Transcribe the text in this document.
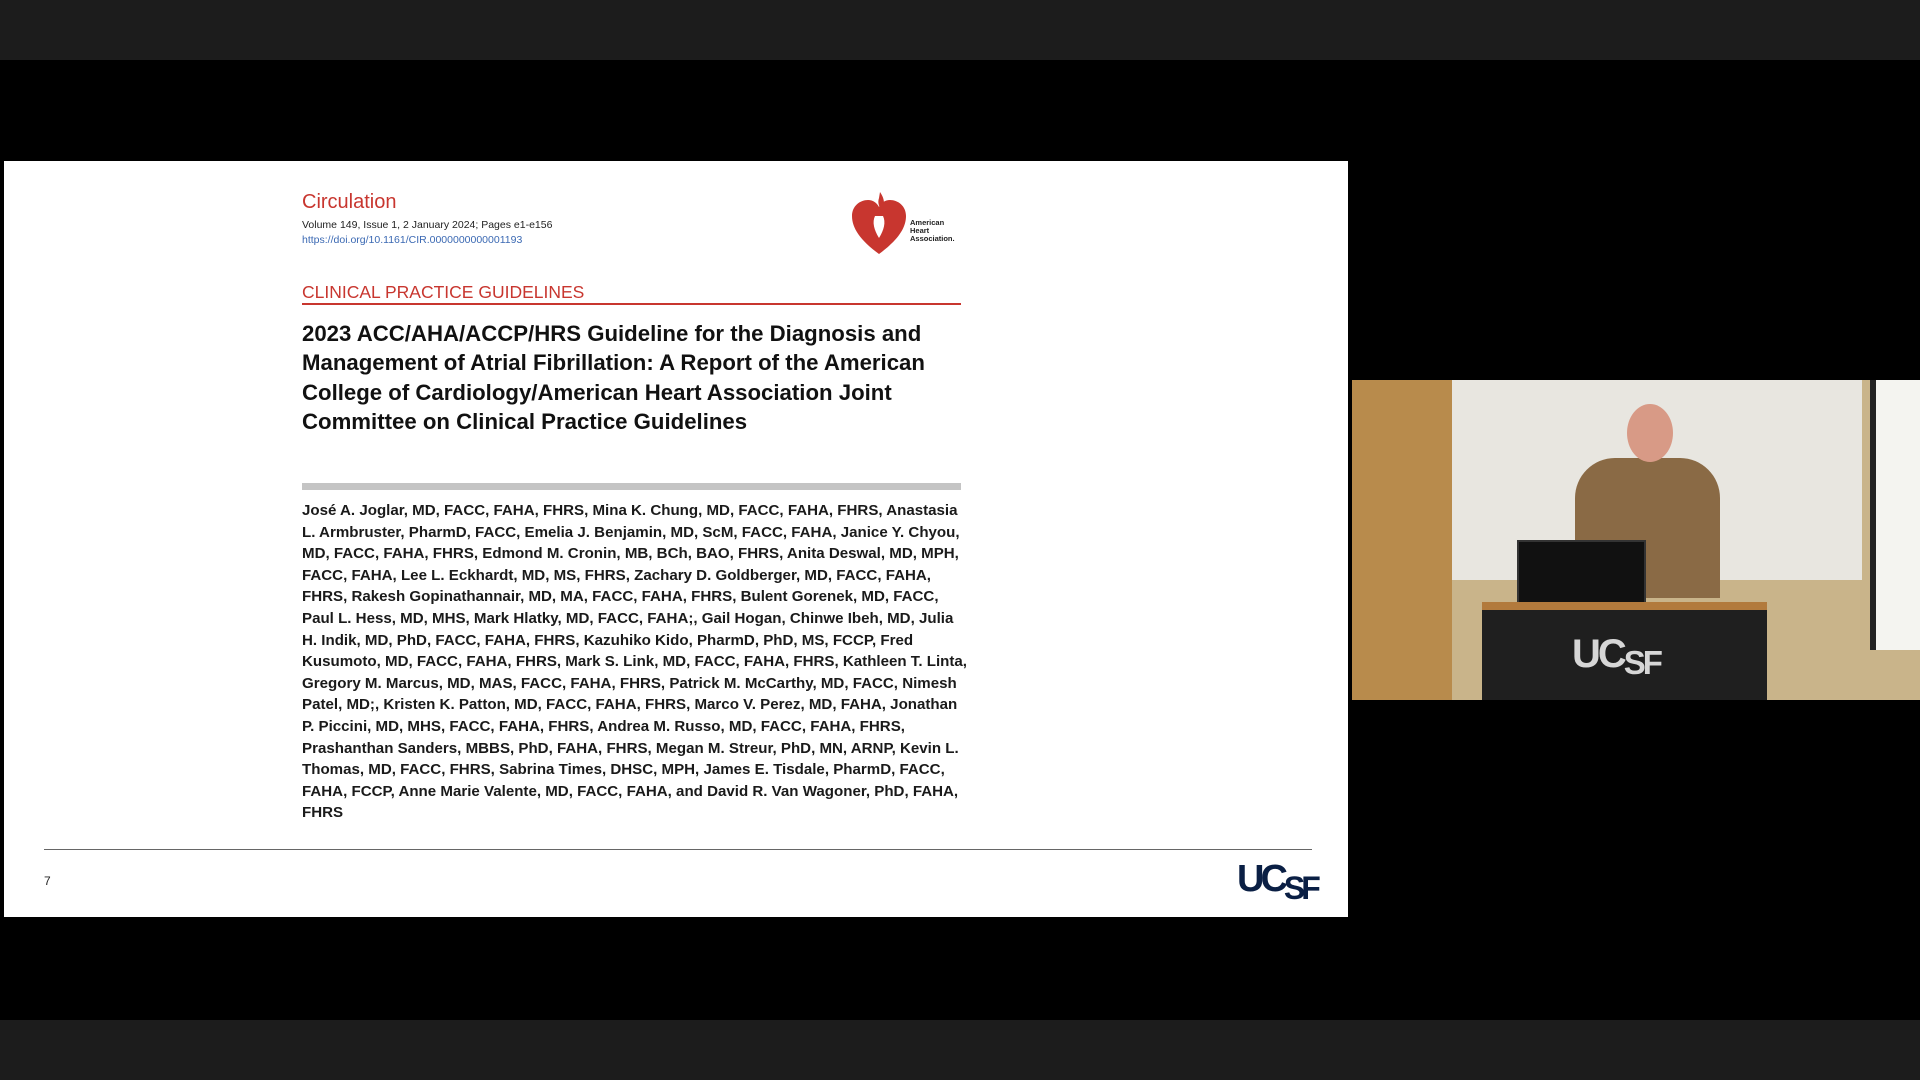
Circulation
Volume 149, Issue 1, 2 January 2024; Pages e1-e156
https://doi.org/10.1161/CIR.0000000000001193
American Heart Association.
CLINICAL PRACTICE GUIDELINES
2023 ACC/AHA/ACCP/HRS Guideline for the Diagnosis and Management of Atrial Fibrillation: A Report of the American College of Cardiology/American Heart Association Joint Committee on Clinical Practice Guidelines
José A. Joglar, MD, FACC, FAHA, FHRS, Mina K. Chung, MD, FACC, FAHA, FHRS, Anastasia L. Armbruster, PharmD, FACC, Emelia J. Benjamin, MD, ScM, FACC, FAHA, Janice Y. Chyou, MD, FACC, FAHA, FHRS, Edmond M. Cronin, MB, BCh, BAO, FHRS, Anita Deswal, MD, MPH, FACC, FAHA, Lee L. Eckhardt, MD, MS, FHRS, Zachary D. Goldberger, MD, FACC, FAHA, FHRS, Rakesh Gopinathannair, MD, MA, FACC, FAHA, FHRS, Bulent Gorenek, MD, FACC, Paul L. Hess, MD, MHS, Mark Hlatky, MD, FACC, FAHA;, Gail Hogan, Chinwe Ibeh, MD, Julia H. Indik, MD, PhD, FACC, FAHA, FHRS, Kazuhiko Kido, PharmD, PhD, MS, FCCP, Fred Kusumoto, MD, FACC, FAHA, FHRS, Mark S. Link, MD, FACC, FAHA, FHRS, Kathleen T. Linta, Gregory M. Marcus, MD, MAS, FACC, FAHA, FHRS, Patrick M. McCarthy, MD, FACC, Nimesh Patel, MD;, Kristen K. Patton, MD, FACC, FAHA, FHRS, Marco V. Perez, MD, FAHA, Jonathan P. Piccini, MD, MHS, FACC, FAHA, FHRS, Andrea M. Russo, MD, FACC, FAHA, FHRS, Prashanthan Sanders, MBBS, PhD, FAHA, FHRS, Megan M. Streur, PhD, MN, ARNP, Kevin L. Thomas, MD, FACC, FHRS, Sabrina Times, DHSC, MPH, James E. Tisdale, PharmD, FACC, FAHA, FCCP, Anne Marie Valente, MD, FACC, FAHA, and David R. Van Wagoner, PhD, FAHA, FHRS
7	$UC_{SF}$
UCSF
